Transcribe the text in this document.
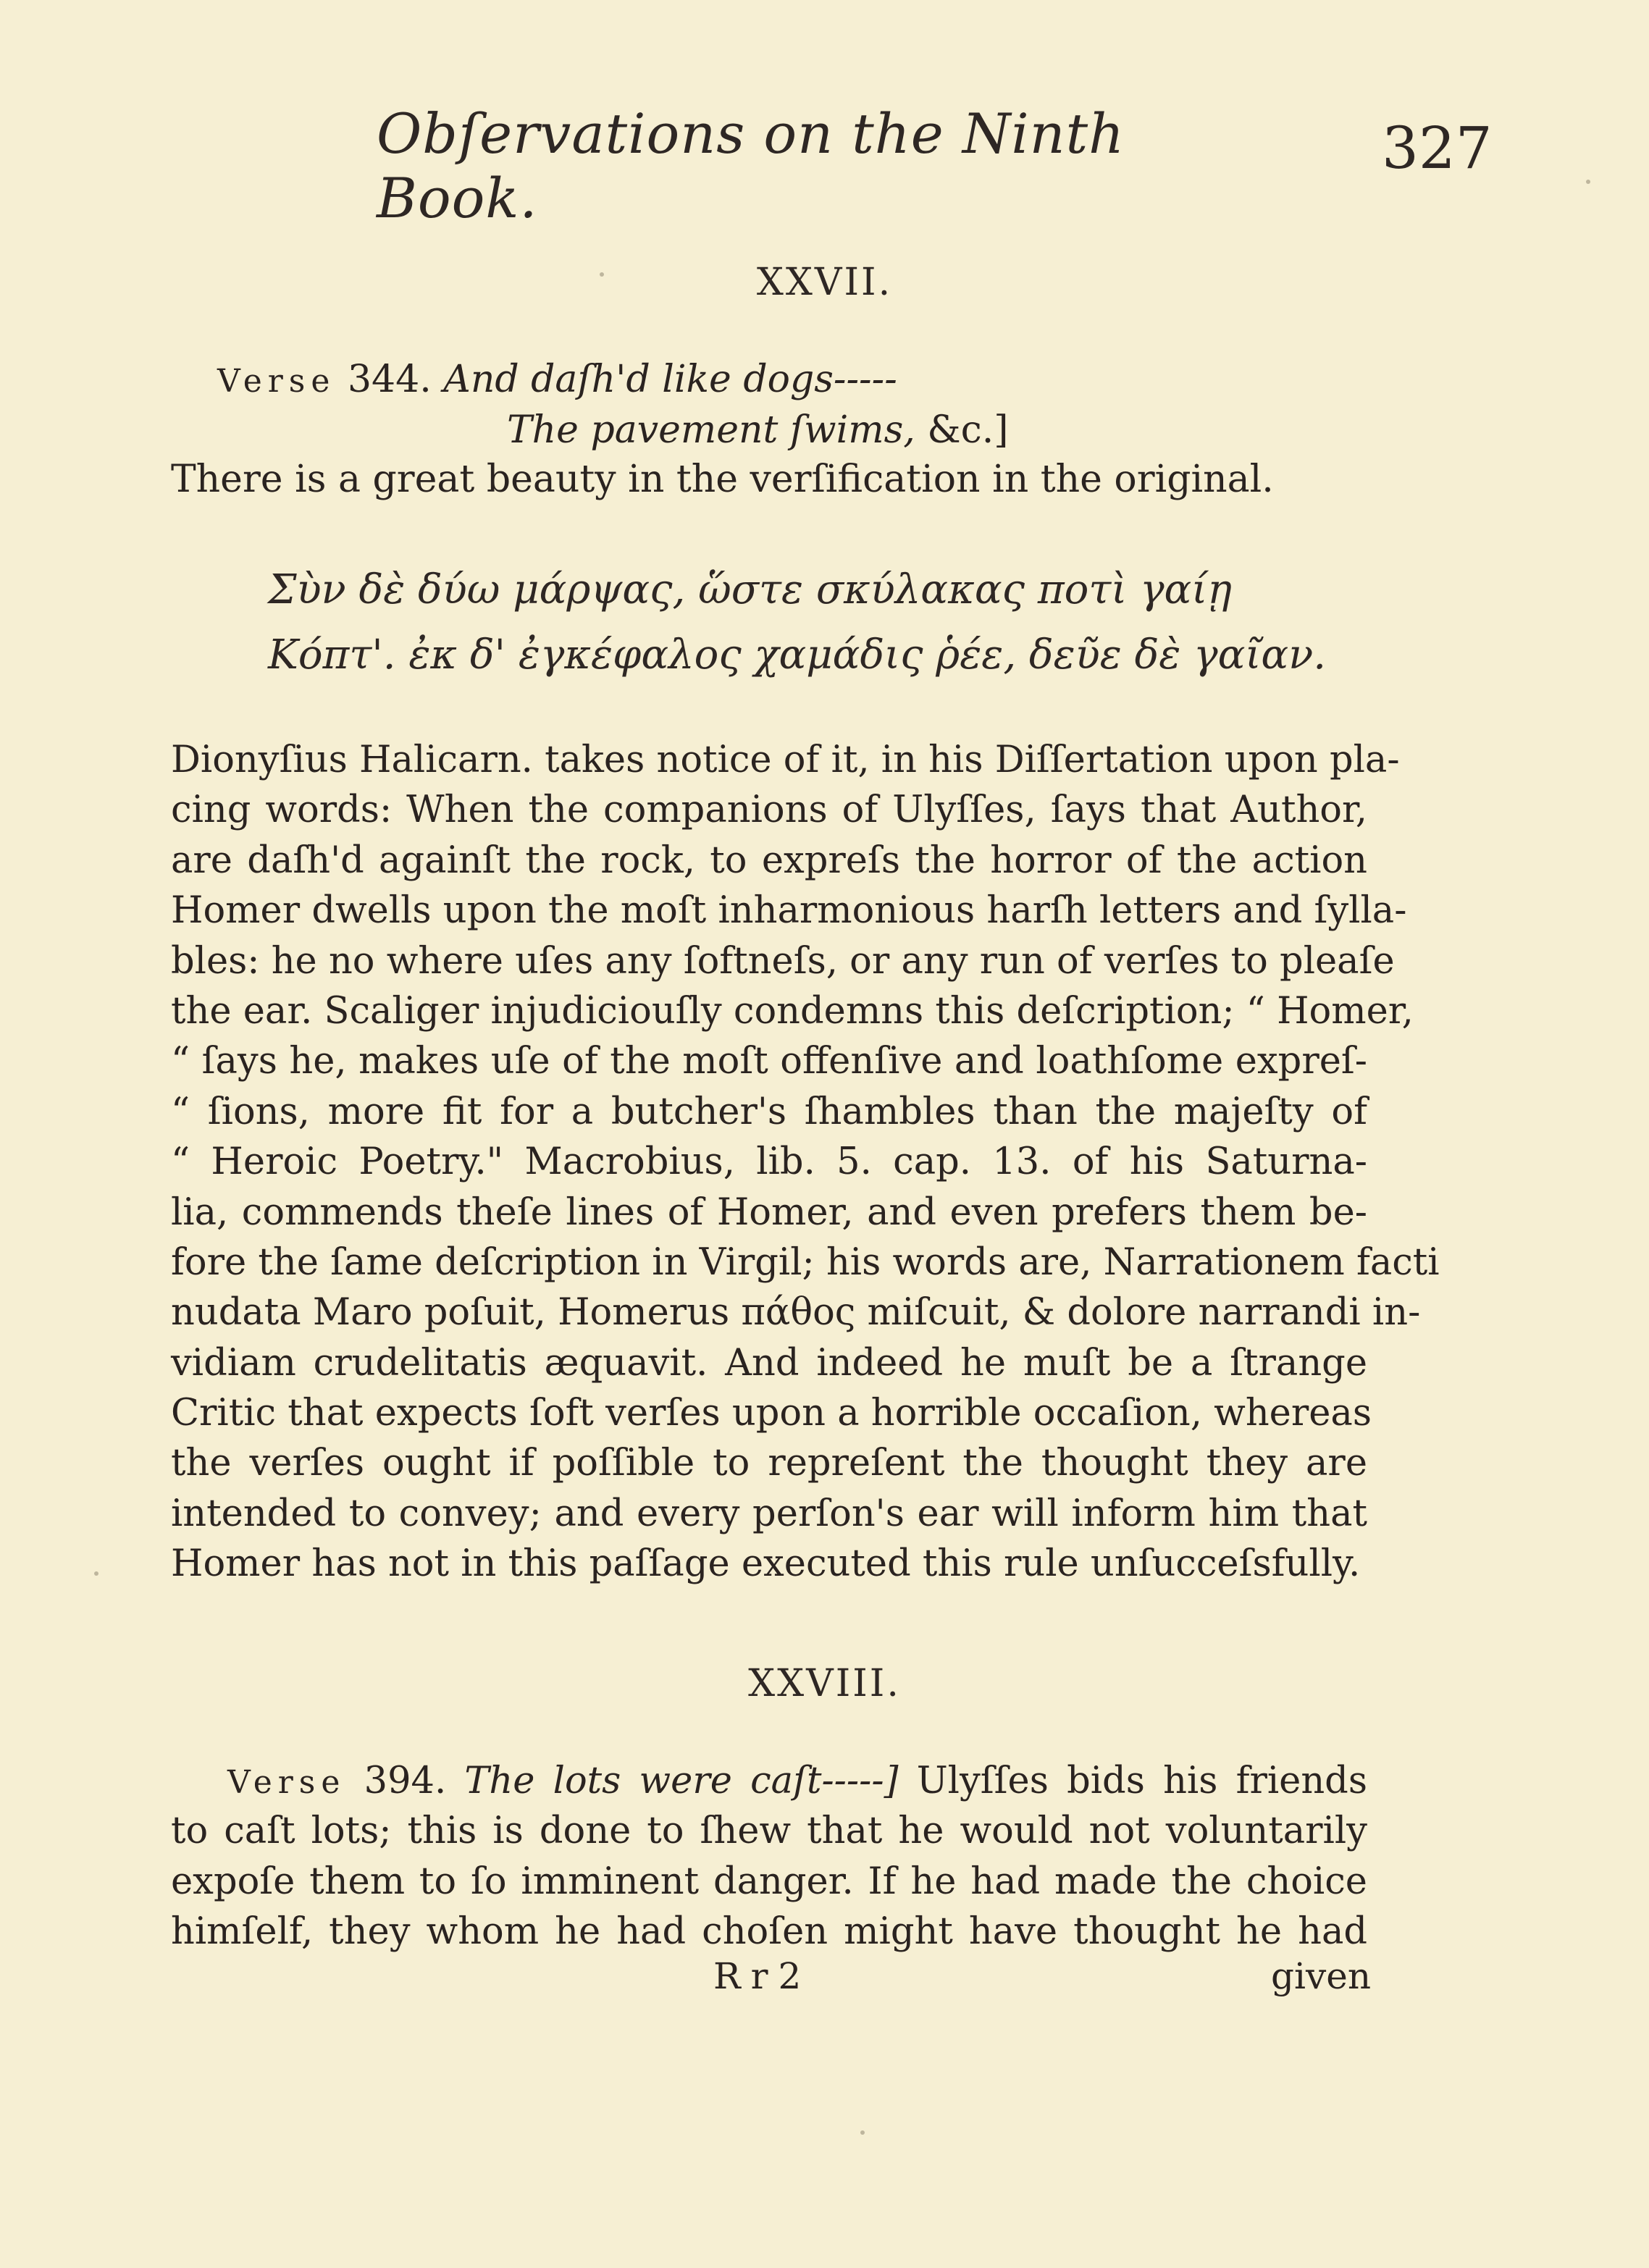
Obſervations on the Ninth Book.
327
XXVII.
Verse 344. And daſh'd like dogs-----
The pavement ſwims, &c.]
There is a great beauty in the verſification in the original.
Σὺν δὲ δύω μάρψας, ὥστε σκύλακας ποτὶ γαίῃ
Κόπτ'. ἐκ δ' ἐγκέφαλος χαμάδις ῥέε, δεῦε δὲ γαῖαν.
Dionyſius Halicarn. takes notice of it, in his Diſſertation upon pla-
cing words: When the companions of Ulyſſes, ſays that Author,
are daſh'd againſt the rock, to expreſs the horror of the action
Homer dwells upon the moſt inharmonious harſh letters and ſylla-
bles: he no where uſes any ſoftneſs, or any run of verſes to pleaſe
the ear. Scaliger injudiciouſly condemns this deſcription; “ Homer,
“ ſays he, makes uſe of the moſt offenſive and loathſome expreſ-
“ ſions, more fit for a butcher's ſhambles than the majeſty of
“ Heroic Poetry." Macrobius, lib. 5. cap. 13. of his Saturna-
lia, commends theſe lines of Homer, and even prefers them be-
fore the ſame deſcription in Virgil; his words are, Narrationem facti
nudata Maro poſuit, Homerus πάθος miſcuit, & dolore narrandi in-
vidiam crudelitatis æquavit. And indeed he muſt be a ſtrange
Critic that expects ſoft verſes upon a horrible occaſion, whereas
the verſes ought if poſſible to repreſent the thought they are
intended to convey; and every perſon's ear will inform him that
Homer has not in this paſſage executed this rule unſucceſsfully.
XXVIII.
Verse 394. The lots were caſt-----] Ulyſſes bids his friends
to caſt lots; this is done to ſhew that he would not voluntarily
expoſe them to ſo imminent danger. If he had made the choice
himſelf, they whom he had choſen might have thought he had
Rr2	given
